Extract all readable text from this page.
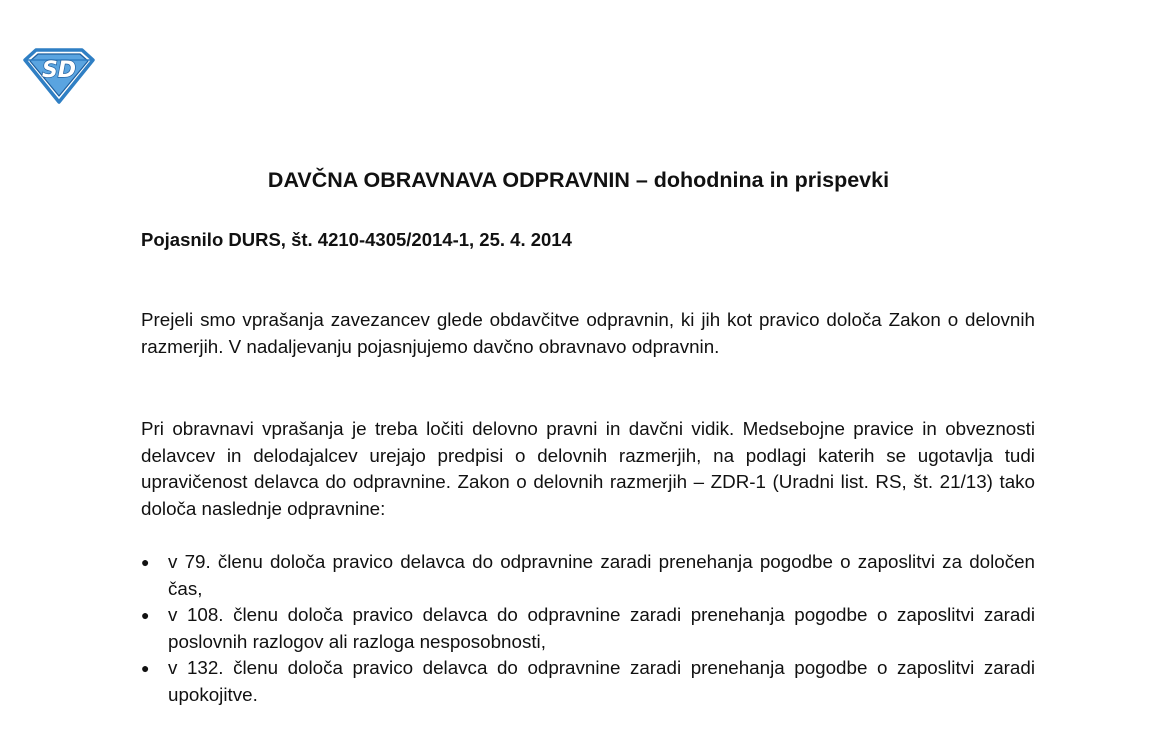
SD
DAVČNA OBRAVNAVA ODPRAVNIN – dohodnina in prispevki
Pojasnilo DURS, št. 4210-4305/2014-1, 25. 4. 2014

Prejeli smo vprašanja zavezancev glede obdavčitve odpravnin, ki jih kot pravico določa Zakon o delovnih razmerjih. V nadaljevanju pojasnjujemo davčno obravnavo odpravnin.

Pri obravnavi vprašanja je treba ločiti delovno pravni in davčni vidik. Medsebojne pravice in obveznosti delavcev in delodajalcev urejajo predpisi o delovnih razmerjih, na podlagi katerih se ugotavlja tudi upravičenost delavca do odpravnine. Zakon o delovnih razmerjih – ZDR-1 (Uradni list. RS, št. 21/13) tako določa naslednje odpravnine:

● v 79. členu določa pravico delavca do odpravnine zaradi prenehanja pogodbe o zaposlitvi za določen čas,
● v 108. členu določa pravico delavca do odpravnine zaradi prenehanja pogodbe o zaposlitvi zaradi poslovnih razlogov ali razloga nesposobnosti,
● v 132. členu določa pravico delavca do odpravnine zaradi prenehanja pogodbe o zaposlitvi zaradi upokojitve.
